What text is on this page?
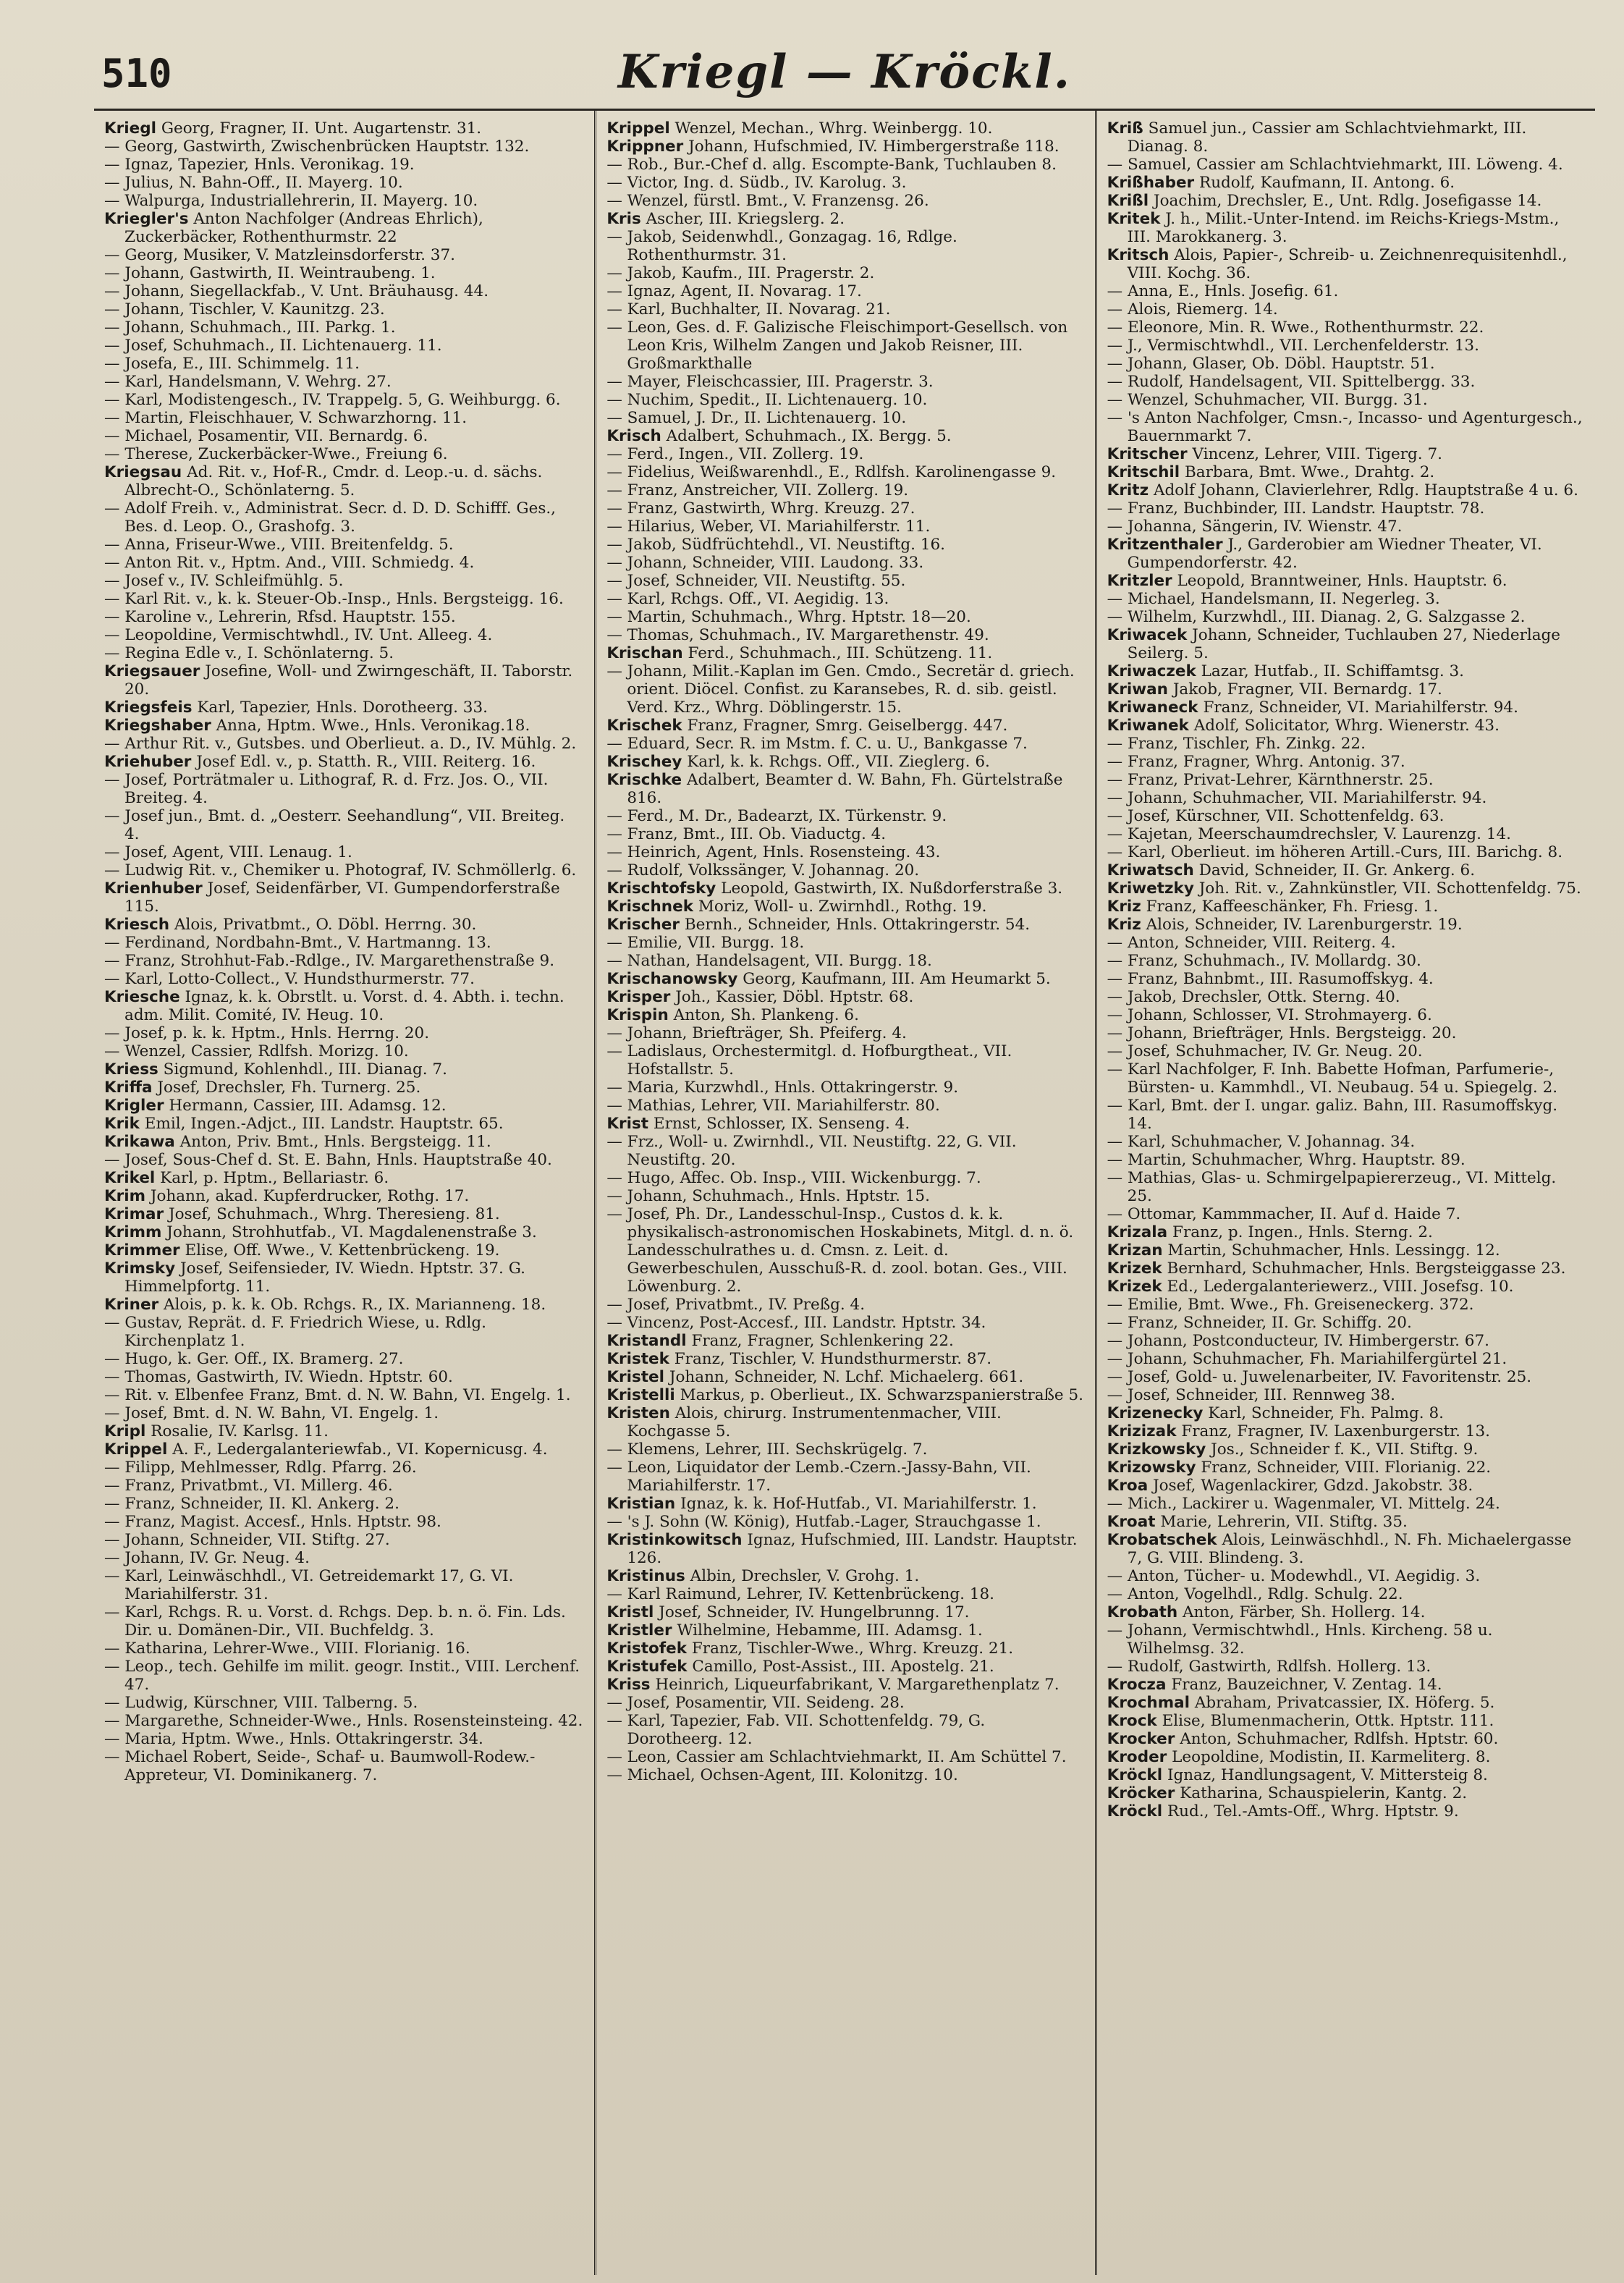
510	Kriegl — Kröckl.

Kriegl Georg, Fragner, II. Unt. Augartenstr. 31.

— Georg, Gastwirth, Zwischenbrücken Hauptstr. 132.

— Ignaz, Tapezier, Hnls. Veronikag. 19.

— Julius, N. Bahn-Off., II. Mayerg. 10.

— Walpurga, Industriallehrerin, II. Mayerg. 10.

Kriegler's Anton Nachfolger (Andreas Ehrlich), Zuckerbäcker, Rothenthurmstr. 22

— Georg, Musiker, V. Matzleinsdorferstr. 37.

— Johann, Gastwirth, II. Weintraubeng. 1.

— Johann, Siegellackfab., V. Unt. Bräuhausg. 44.

— Johann, Tischler, V. Kaunitzg. 23.

— Johann, Schuhmach., III. Parkg. 1.

— Josef, Schuhmach., II. Lichtenauerg. 11.

— Josefa, E., III. Schimmelg. 11.

— Karl, Handelsmann, V. Wehrg. 27.

— Karl, Modistengesch., IV. Trappelg. 5, G. Weihburgg. 6.

— Martin, Fleischhauer, V. Schwarzhorng. 11.

— Michael, Posamentir, VII. Bernardg. 6.

— Therese, Zuckerbäcker-Wwe., Freiung 6.

Kriegsau Ad. Rit. v., Hof-R., Cmdr. d. Leop.-u. d. sächs. Albrecht-O., Schönlaterng. 5.

— Adolf Freih. v., Administrat. Secr. d. D. D. Schifff. Ges., Bes. d. Leop. O., Grashofg. 3.

— Anna, Friseur-Wwe., VIII. Breitenfeldg. 5.

— Anton Rit. v., Hptm. And., VIII. Schmiedg. 4.

— Josef v., IV. Schleifmühlg. 5.

— Karl Rit. v., k. k. Steuer-Ob.-Insp., Hnls. Bergsteigg. 16.

— Karoline v., Lehrerin, Rfsd. Hauptstr. 155.

— Leopoldine, Vermischtwhdl., IV. Unt. Alleeg. 4.

— Regina Edle v., I. Schönlaterng. 5.

Kriegsauer Josefine, Woll- und Zwirngeschäft, II. Taborstr. 20.

Kriegsfeis Karl, Tapezier, Hnls. Dorotheerg. 33.

Kriegshaber Anna, Hptm. Wwe., Hnls. Veronikag.18.

— Arthur Rit. v., Gutsbes. und Oberlieut. a. D., IV. Mühlg. 2.

Kriehuber Josef Edl. v., p. Statth. R., VIII. Reiterg. 16.

— Josef, Porträtmaler u. Lithograf, R. d. Frz. Jos. O., VII. Breiteg. 4.

— Josef jun., Bmt. d. „Oesterr. Seehandlung“, VII. Breiteg. 4.

— Josef, Agent, VIII. Lenaug. 1.

— Ludwig Rit. v., Chemiker u. Photograf, IV. Schmöllerlg. 6.

Krienhuber Josef, Seidenfärber, VI. Gumpendorferstraße 115.

Kriesch Alois, Privatbmt., O. Döbl. Herrng. 30.

— Ferdinand, Nordbahn-Bmt., V. Hartmanng. 13.

— Franz, Strohhut-Fab.-Rdlge., IV. Margarethenstraße 9.

— Karl, Lotto-Collect., V. Hundsthurmerstr. 77.

Kriesche Ignaz, k. k. Obrstlt. u. Vorst. d. 4. Abth. i. techn. adm. Milit. Comité, IV. Heug. 10.

— Josef, p. k. k. Hptm., Hnls. Herrng. 20.

— Wenzel, Cassier, Rdlfsh. Morizg. 10.

Kriess Sigmund, Kohlenhdl., III. Dianag. 7.

Kriffa Josef, Drechsler, Fh. Turnerg. 25.

Krigler Hermann, Cassier, III. Adamsg. 12.

Krik Emil, Ingen.-Adjct., III. Landstr. Hauptstr. 65.

Krikawa Anton, Priv. Bmt., Hnls. Bergsteigg. 11.

— Josef, Sous-Chef d. St. E. Bahn, Hnls. Hauptstraße 40.

Krikel Karl, p. Hptm., Bellariastr. 6.

Krim Johann, akad. Kupferdrucker, Rothg. 17.

Krimar Josef, Schuhmach., Whrg. Theresieng. 81.

Krimm Johann, Strohhutfab., VI. Magdalenenstraße 3.

Krimmer Elise, Off. Wwe., V. Kettenbrückeng. 19.

Krimsky Josef, Seifensieder, IV. Wiedn. Hptstr. 37. G. Himmelpfortg. 11.

Kriner Alois, p. k. k. Ob. Rchgs. R., IX. Marianneng. 18.

— Gustav, Reprät. d. F. Friedrich Wiese, u. Rdlg. Kirchenplatz 1.

— Hugo, k. Ger. Off., IX. Bramerg. 27.

— Thomas, Gastwirth, IV. Wiedn. Hptstr. 60.

— Rit. v. Elbenfee Franz, Bmt. d. N. W. Bahn, VI. Engelg. 1.

— Josef, Bmt. d. N. W. Bahn, VI. Engelg. 1.

Kripl Rosalie, IV. Karlsg. 11.

Krippel A. F., Ledergalanteriewfab., VI. Kopernicusg. 4.

— Filipp, Mehlmesser, Rdlg. Pfarrg. 26.

— Franz, Privatbmt., VI. Millerg. 46.

— Franz, Schneider, II. Kl. Ankerg. 2.

— Franz, Magist. Accesf., Hnls. Hptstr. 98.

— Johann, Schneider, VII. Stiftg. 27.

— Johann, IV. Gr. Neug. 4.

— Karl, Leinwäschhdl., VI. Getreidemarkt 17, G. VI. Mariahilferstr. 31.

— Karl, Rchgs. R. u. Vorst. d. Rchgs. Dep. b. n. ö. Fin. Lds. Dir. u. Domänen-Dir., VII. Buchfeldg. 3.

— Katharina, Lehrer-Wwe., VIII. Florianig. 16.

— Leop., tech. Gehilfe im milit. geogr. Instit., VIII. Lerchenf. 47.

— Ludwig, Kürschner, VIII. Talberng. 5.

— Margarethe, Schneider-Wwe., Hnls. Rosensteinsteing. 42.

— Maria, Hptm. Wwe., Hnls. Ottakringerstr. 34.

— Michael Robert, Seide-, Schaf- u. Baumwoll-Rodew.-Appreteur, VI. Dominikanerg. 7.

Krippel Wenzel, Mechan., Whrg. Weinbergg. 10.

Krippner Johann, Hufschmied, IV. Himbergerstraße 118.

— Rob., Bur.-Chef d. allg. Escompte-Bank, Tuchlauben 8.

— Victor, Ing. d. Südb., IV. Karolug. 3.

— Wenzel, fürstl. Bmt., V. Franzensg. 26.

Kris Ascher, III. Kriegslerg. 2.

— Jakob, Seidenwhdl., Gonzagag. 16, Rdlge. Rothenthurmstr. 31.

— Jakob, Kaufm., III. Pragerstr. 2.

— Ignaz, Agent, II. Novarag. 17.

— Karl, Buchhalter, II. Novarag. 21.

— Leon, Ges. d. F. Galizische Fleischimport-Gesellsch. von Leon Kris, Wilhelm Zangen und Jakob Reisner, III. Großmarkthalle

— Mayer, Fleischcassier, III. Pragerstr. 3.

— Nuchim, Spedit., II. Lichtenauerg. 10.

— Samuel, J. Dr., II. Lichtenauerg. 10.

Krisch Adalbert, Schuhmach., IX. Bergg. 5.

— Ferd., Ingen., VII. Zollerg. 19.

— Fidelius, Weißwarenhdl., E., Rdlfsh. Karolinengasse 9.

— Franz, Anstreicher, VII. Zollerg. 19.

— Franz, Gastwirth, Whrg. Kreuzg. 27.

— Hilarius, Weber, VI. Mariahilferstr. 11.

— Jakob, Südfrüchtehdl., VI. Neustiftg. 16.

— Johann, Schneider, VIII. Laudong. 33.

— Josef, Schneider, VII. Neustiftg. 55.

— Karl, Rchgs. Off., VI. Aegidig. 13.

— Martin, Schuhmach., Whrg. Hptstr. 18—20.

— Thomas, Schuhmach., IV. Margarethenstr. 49.

Krischan Ferd., Schuhmach., III. Schützeng. 11.

— Johann, Milit.-Kaplan im Gen. Cmdo., Secretär d. griech. orient. Diöcel. Confist. zu Karansebes, R. d. sib. geistl. Verd. Krz., Whrg. Döblingerstr. 15.

Krischek Franz, Fragner, Smrg. Geiselbergg. 447.

— Eduard, Secr. R. im Mstm. f. C. u. U., Bankgasse 7.

Krischey Karl, k. k. Rchgs. Off., VII. Zieglerg. 6.

Krischke Adalbert, Beamter d. W. Bahn, Fh. Gürtelstraße 816.

— Ferd., M. Dr., Badearzt, IX. Türkenstr. 9.

— Franz, Bmt., III. Ob. Viaductg. 4.

— Heinrich, Agent, Hnls. Rosensteing. 43.

— Rudolf, Volkssänger, V. Johannag. 20.

Krischtofsky Leopold, Gastwirth, IX. Nußdorferstraße 3.

Krischnek Moriz, Woll- u. Zwirnhdl., Rothg. 19.

Krischer Bernh., Schneider, Hnls. Ottakringerstr. 54.

— Emilie, VII. Burgg. 18.

— Nathan, Handelsagent, VII. Burgg. 18.

Krischanowsky Georg, Kaufmann, III. Am Heumarkt 5.

Krisper Joh., Kassier, Döbl. Hptstr. 68.

Krispin Anton, Sh. Plankeng. 6.

— Johann, Briefträger, Sh. Pfeiferg. 4.

— Ladislaus, Orchestermitgl. d. Hofburgtheat., VII. Hofstallstr. 5.

— Maria, Kurzwhdl., Hnls. Ottakringerstr. 9.

— Mathias, Lehrer, VII. Mariahilferstr. 80.

Krist Ernst, Schlosser, IX. Senseng. 4.

— Frz., Woll- u. Zwirnhdl., VII. Neustiftg. 22, G. VII. Neustiftg. 20.

— Hugo, Affec. Ob. Insp., VIII. Wickenburgg. 7.

— Johann, Schuhmach., Hnls. Hptstr. 15.

— Josef, Ph. Dr., Landesschul-Insp., Custos d. k. k. physikalisch-astronomischen Hoskabinets, Mitgl. d. n. ö. Landesschulrathes u. d. Cmsn. z. Leit. d. Gewerbeschulen, Ausschuß-R. d. zool. botan. Ges., VIII. Löwenburg. 2.

— Josef, Privatbmt., IV. Preßg. 4.

— Vincenz, Post-Accesf., III. Landstr. Hptstr. 34.

Kristandl Franz, Fragner, Schlenkering 22.

Kristek Franz, Tischler, V. Hundsthurmerstr. 87.

Kristel Johann, Schneider, N. Lchf. Michaelerg. 661.

Kristelli Markus, p. Oberlieut., IX. Schwarzspanierstraße 5.

Kristen Alois, chirurg. Instrumentenmacher, VIII. Kochgasse 5.

— Klemens, Lehrer, III. Sechskrügelg. 7.

— Leon, Liquidator der Lemb.-Czern.-Jassy-Bahn, VII. Mariahilferstr. 17.

Kristian Ignaz, k. k. Hof-Hutfab., VI. Mariahilferstr. 1.

— 's J. Sohn (W. König), Hutfab.-Lager, Strauchgasse 1.

Kristinkowitsch Ignaz, Hufschmied, III. Landstr. Hauptstr. 126.

Kristinus Albin, Drechsler, V. Grohg. 1.

— Karl Raimund, Lehrer, IV. Kettenbrückeng. 18.

Kristl Josef, Schneider, IV. Hungelbrunng. 17.

Kristler Wilhelmine, Hebamme, III. Adamsg. 1.

Kristofek Franz, Tischler-Wwe., Whrg. Kreuzg. 21.

Kristufek Camillo, Post-Assist., III. Apostelg. 21.

Kriss Heinrich, Liqueurfabrikant, V. Margarethenplatz 7.

— Josef, Posamentir, VII. Seideng. 28.

— Karl, Tapezier, Fab. VII. Schottenfeldg. 79, G. Dorotheerg. 12.

— Leon, Cassier am Schlachtviehmarkt, II. Am Schüttel 7.

— Michael, Ochsen-Agent, III. Kolonitzg. 10.

Kriß Samuel jun., Cassier am Schlachtviehmarkt, III. Dianag. 8.

— Samuel, Cassier am Schlachtviehmarkt, III. Löweng. 4.

Krißhaber Rudolf, Kaufmann, II. Antong. 6.

Krißl Joachim, Drechsler, E., Unt. Rdlg. Josefigasse 14.

Kritek J. h., Milit.-Unter-Intend. im Reichs-Kriegs-Mstm., III. Marokkanerg. 3.

Kritsch Alois, Papier-, Schreib- u. Zeichnenrequisitenhdl., VIII. Kochg. 36.

— Anna, E., Hnls. Josefig. 61.

— Alois, Riemerg. 14.

— Eleonore, Min. R. Wwe., Rothenthurmstr. 22.

— J., Vermischtwhdl., VII. Lerchenfelderstr. 13.

— Johann, Glaser, Ob. Döbl. Hauptstr. 51.

— Rudolf, Handelsagent, VII. Spittelbergg. 33.

— Wenzel, Schuhmacher, VII. Burgg. 31.

— 's Anton Nachfolger, Cmsn.-, Incasso- und Agenturgesch., Bauernmarkt 7.

Kritscher Vincenz, Lehrer, VIII. Tigerg. 7.

Kritschil Barbara, Bmt. Wwe., Drahtg. 2.

Kritz Adolf Johann, Clavierlehrer, Rdlg. Hauptstraße 4 u. 6.

— Franz, Buchbinder, III. Landstr. Hauptstr. 78.

— Johanna, Sängerin, IV. Wienstr. 47.

Kritzenthaler J., Garderobier am Wiedner Theater, VI. Gumpendorferstr. 42.

Kritzler Leopold, Branntweiner, Hnls. Hauptstr. 6.

— Michael, Handelsmann, II. Negerleg. 3.

— Wilhelm, Kurzwhdl., III. Dianag. 2, G. Salzgasse 2.

Kriwacek Johann, Schneider, Tuchlauben 27, Niederlage Seilerg. 5.

Kriwaczek Lazar, Hutfab., II. Schiffamtsg. 3.

Kriwan Jakob, Fragner, VII. Bernardg. 17.

Kriwaneck Franz, Schneider, VI. Mariahilferstr. 94.

Kriwanek Adolf, Solicitator, Whrg. Wienerstr. 43.

— Franz, Tischler, Fh. Zinkg. 22.

— Franz, Fragner, Whrg. Antonig. 37.

— Franz, Privat-Lehrer, Kärnthnerstr. 25.

— Johann, Schuhmacher, VII. Mariahilferstr. 94.

— Josef, Kürschner, VII. Schottenfeldg. 63.

— Kajetan, Meerschaumdrechsler, V. Laurenzg. 14.

— Karl, Oberlieut. im höheren Artill.-Curs, III. Barichg. 8.

Kriwatsch David, Schneider, II. Gr. Ankerg. 6.

Kriwetzky Joh. Rit. v., Zahnkünstler, VII. Schottenfeldg. 75.

Kriz Franz, Kaffeeschänker, Fh. Friesg. 1.

Kriz Alois, Schneider, IV. Larenburgerstr. 19.

— Anton, Schneider, VIII. Reiterg. 4.

— Franz, Schuhmach., IV. Mollardg. 30.

— Franz, Bahnbmt., III. Rasumoffskyg. 4.

— Jakob, Drechsler, Ottk. Sterng. 40.

— Johann, Schlosser, VI. Strohmayerg. 6.

— Johann, Briefträger, Hnls. Bergsteigg. 20.

— Josef, Schuhmacher, IV. Gr. Neug. 20.

— Karl Nachfolger, F. Inh. Babette Hofman, Parfumerie-, Bürsten- u. Kammhdl., VI. Neubaug. 54 u. Spiegelg. 2.

— Karl, Bmt. der I. ungar. galiz. Bahn, III. Rasumoffskyg. 14.

— Karl, Schuhmacher, V. Johannag. 34.

— Martin, Schuhmacher, Whrg. Hauptstr. 89.

— Mathias, Glas- u. Schmirgelpapiererzeug., VI. Mittelg. 25.

— Ottomar, Kammmacher, II. Auf d. Haide 7.

Krizala Franz, p. Ingen., Hnls. Sterng. 2.

Krizan Martin, Schuhmacher, Hnls. Lessingg. 12.

Krizek Bernhard, Schuhmacher, Hnls. Bergsteiggasse 23.

Krizek Ed., Ledergalanteriewerz., VIII. Josefsg. 10.

— Emilie, Bmt. Wwe., Fh. Greiseneckerg. 372.

— Franz, Schneider, II. Gr. Schiffg. 20.

— Johann, Postconducteur, IV. Himbergerstr. 67.

— Johann, Schuhmacher, Fh. Mariahilfergürtel 21.

— Josef, Gold- u. Juwelenarbeiter, IV. Favoritenstr. 25.

— Josef, Schneider, III. Rennweg 38.

Krizenecky Karl, Schneider, Fh. Palmg. 8.

Krizizak Franz, Fragner, IV. Laxenburgerstr. 13.

Krizkowsky Jos., Schneider f. K., VII. Stiftg. 9.

Krizowsky Franz, Schneider, VIII. Florianig. 22.

Kroa Josef, Wagenlackirer, Gdzd. Jakobstr. 38.

— Mich., Lackirer u. Wagenmaler, VI. Mittelg. 24.

Kroat Marie, Lehrerin, VII. Stiftg. 35.

Krobatschek Alois, Leinwäschhdl., N. Fh. Michaelergasse 7, G. VIII. Blindeng. 3.

— Anton, Tücher- u. Modewhdl., VI. Aegidig. 3.

— Anton, Vogelhdl., Rdlg. Schulg. 22.

Krobath Anton, Färber, Sh. Hollerg. 14.

— Johann, Vermischtwhdl., Hnls. Kircheng. 58 u. Wilhelmsg. 32.

— Rudolf, Gastwirth, Rdlfsh. Hollerg. 13.

Krocza Franz, Bauzeichner, V. Zentag. 14.

Krochmal Abraham, Privatcassier, IX. Höferg. 5.

Krock Elise, Blumenmacherin, Ottk. Hptstr. 111.

Krocker Anton, Schuhmacher, Rdlfsh. Hptstr. 60.

Kroder Leopoldine, Modistin, II. Karmeliterg. 8.

Kröckl Ignaz, Handlungsagent, V. Mittersteig 8.

Kröcker Katharina, Schauspielerin, Kantg. 2.

Kröckl Rud., Tel.-Amts-Off., Whrg. Hptstr. 9.
